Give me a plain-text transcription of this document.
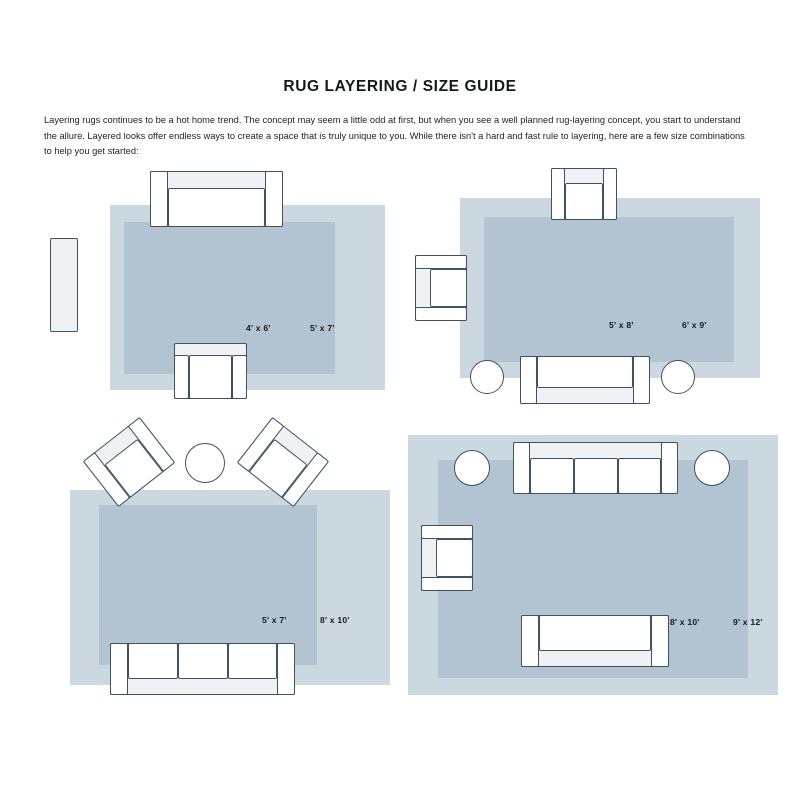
RUG LAYERING / SIZE GUIDE
Layering rugs continues to be a hot home trend. The concept may seem a little odd at first, but when you see a well planned rug-layering concept, you start to understand the allure. Layered looks offer endless ways to create a space that is truly unique to you. While there isn't a hard and fast rule to layering, here are a few size combinations to help you get started:
4' x 6'	5' x 7'	5' x 8'	6' x 9'
5' x 7'	8' x 10'	8' x 10'	9' x 12'
